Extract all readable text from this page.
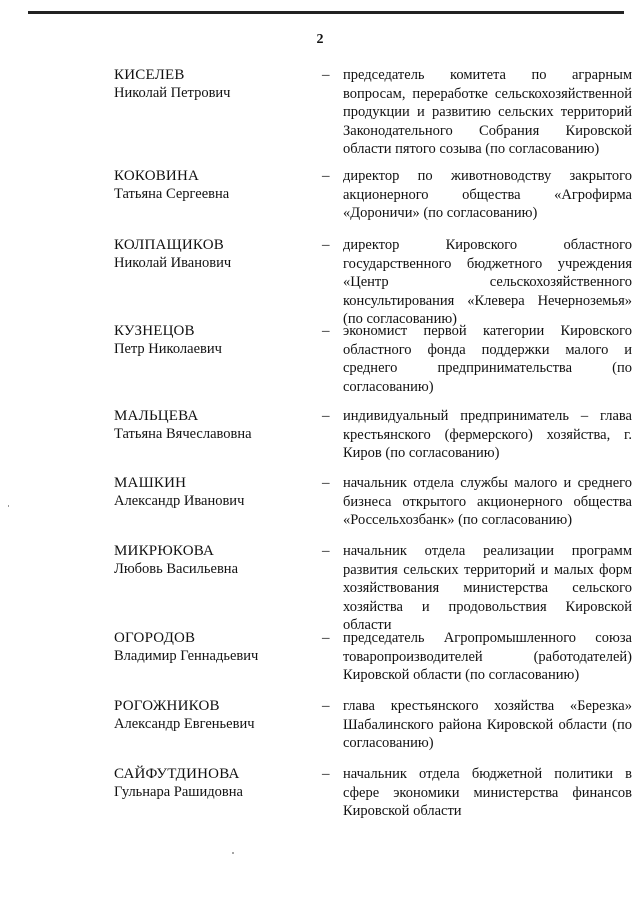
2
КИСЕЛЕВ
Николай Петрович
– председатель комитета по аграрным вопросам, переработке сельскохозяйственной продукции и развитию сельских территорий Законодательного Собрания Кировской области пятого созыва (по согласованию)
КОКОВИНА
Татьяна Сергеевна
– директор по животноводству закрытого акционерного общества «Агрофирма «Дороничи» (по согласованию)
КОЛПАЩИКОВ
Николай Иванович
– директор Кировского областного государственного бюджетного учреждения «Центр сельскохозяйственного консультирования «Клевера Нечерноземья» (по согласованию)
КУЗНЕЦОВ
Петр Николаевич
– экономист первой категории Кировского областного фонда поддержки малого и среднего предпринимательства (по согласованию)
МАЛЬЦЕВА
Татьяна Вячеславовна
– индивидуальный предприниматель – глава крестьянского (фермерского) хозяйства, г. Киров (по согласованию)
МАШКИН
Александр Иванович
– начальник отдела службы малого и среднего бизнеса открытого акционерного общества «Россельхозбанк» (по согласованию)
МИКРЮКОВА
Любовь Васильевна
– начальник отдела реализации программ развития сельских территорий и малых форм хозяйствования министерства сельского хозяйства и продовольствия Кировской области
ОГОРОДОВ
Владимир Геннадьевич
– председатель Агропромышленного союза товаропроизводителей (работодателей) Кировской области (по согласованию)
РОГОЖНИКОВ
Александр Евгеньевич
– глава крестьянского хозяйства «Березка» Шабалинского района Кировской области (по согласованию)
САЙФУТДИНОВА
Гульнара Рашидовна
– начальник отдела бюджетной политики в сфере экономики министерства финансов Кировской области
